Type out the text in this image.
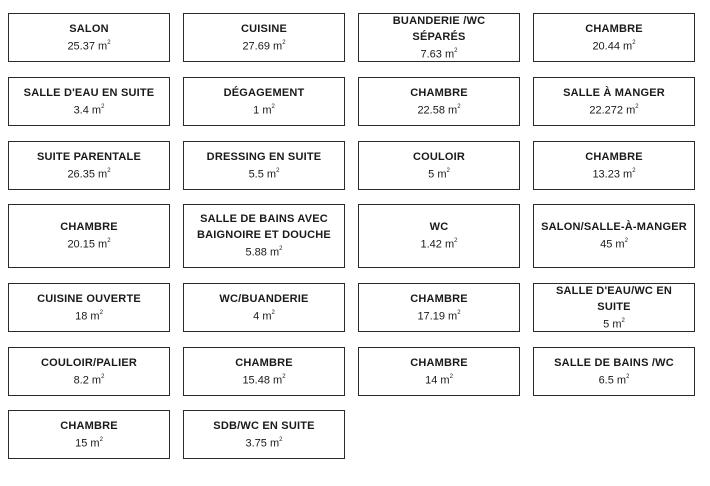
SALON
25.37 $m^2$
CUISINE
27.69 $m^2$
BUANDERIE /WC SÉPARÉS
7.63 $m^2$
CHAMBRE
20.44 $m^2$
SALLE D'EAU EN SUITE
3.4 $m^2$
DÉGAGEMENT
1 $m^2$
CHAMBRE
22.58 $m^2$
SALLE À MANGER
22.272 $m^2$
SUITE PARENTALE
26.35 $m^2$
DRESSING EN SUITE
5.5 $m^2$
COULOIR
5 $m^2$
CHAMBRE
13.23 $m^2$
CHAMBRE
20.15 $m^2$
SALLE DE BAINS AVEC BAIGNOIRE ET DOUCHE
5.88 $m^2$
WC
1.42 $m^2$
SALON/SALLE-À-MANGER
45 $m^2$
CUISINE OUVERTE
18 $m^2$
WC/BUANDERIE
4 $m^2$
CHAMBRE
17.19 $m^2$
SALLE D'EAU/WC EN SUITE
5 $m^2$
COULOIR/PALIER
8.2 $m^2$
CHAMBRE
15.48 $m^2$
CHAMBRE
14 $m^2$
SALLE DE BAINS /WC
6.5 $m^2$
CHAMBRE
15 $m^2$
SDB/WC EN SUITE
3.75 $m^2$
